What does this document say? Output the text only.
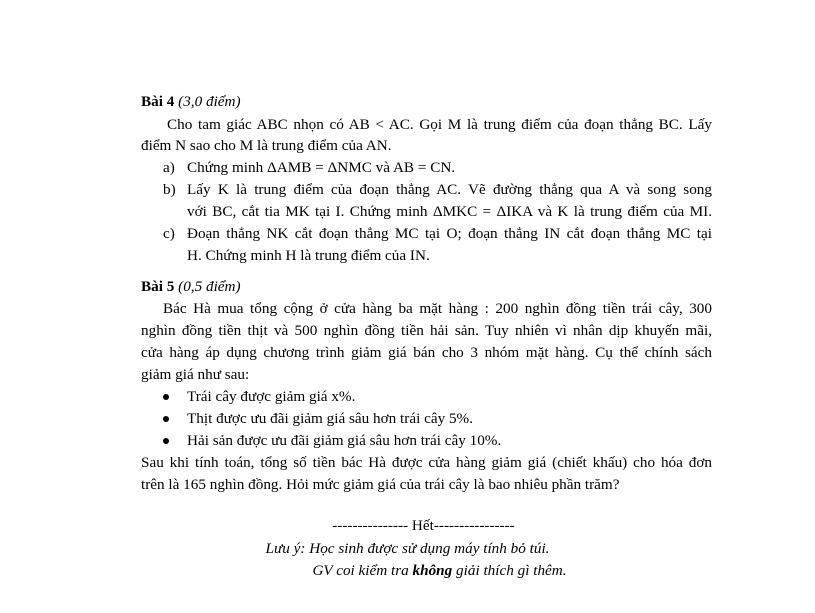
Bài 4 (3,0 điểm)
Cho tam giác ABC nhọn có AB < AC. Gọi M là trung điểm của đoạn thẳng BC. Lấy
điểm N sao cho M là trung điểm của AN.
a) Chứng minh ΔAMB = ΔNMC và AB = CN.
b) Lấy K là trung điểm của đoạn thẳng AC. Vẽ đường thẳng qua A và song song
với BC, cắt tia MK tại I. Chứng minh ΔMKC = ΔIKA và K là trung điểm của MI.
c) Đoạn thẳng NK cắt đoạn thẳng MC tại O; đoạn thẳng IN cắt đoạn thẳng MC tại
H. Chứng minh H là trung điểm của IN.
Bài 5 (0,5 điểm)
Bác Hà mua tổng cộng ở cửa hàng ba mặt hàng : 200 nghìn đồng tiền trái cây, 300
nghìn đồng tiền thịt và 500 nghìn đồng tiền hải sản. Tuy nhiên vì nhân dịp khuyến mãi,
cửa hàng áp dụng chương trình giảm giá bán cho 3 nhóm mặt hàng. Cụ thể chính sách
giảm giá như sau:
Trái cây được giảm giá x%.
Thịt được ưu đãi giảm giá sâu hơn trái cây 5%.
Hải sản được ưu đãi giảm giá sâu hơn trái cây 10%.
Sau khi tính toán, tổng số tiền bác Hà được cửa hàng giảm giá (chiết khấu) cho hóa đơn
trên là 165 nghìn đồng. Hỏi mức giảm giá của trái cây là bao nhiêu phần trăm?
--------------- Hết----------------
Lưu ý: Học sinh được sử dụng máy tính bỏ túi.
GV coi kiểm tra không giải thích gì thêm.
